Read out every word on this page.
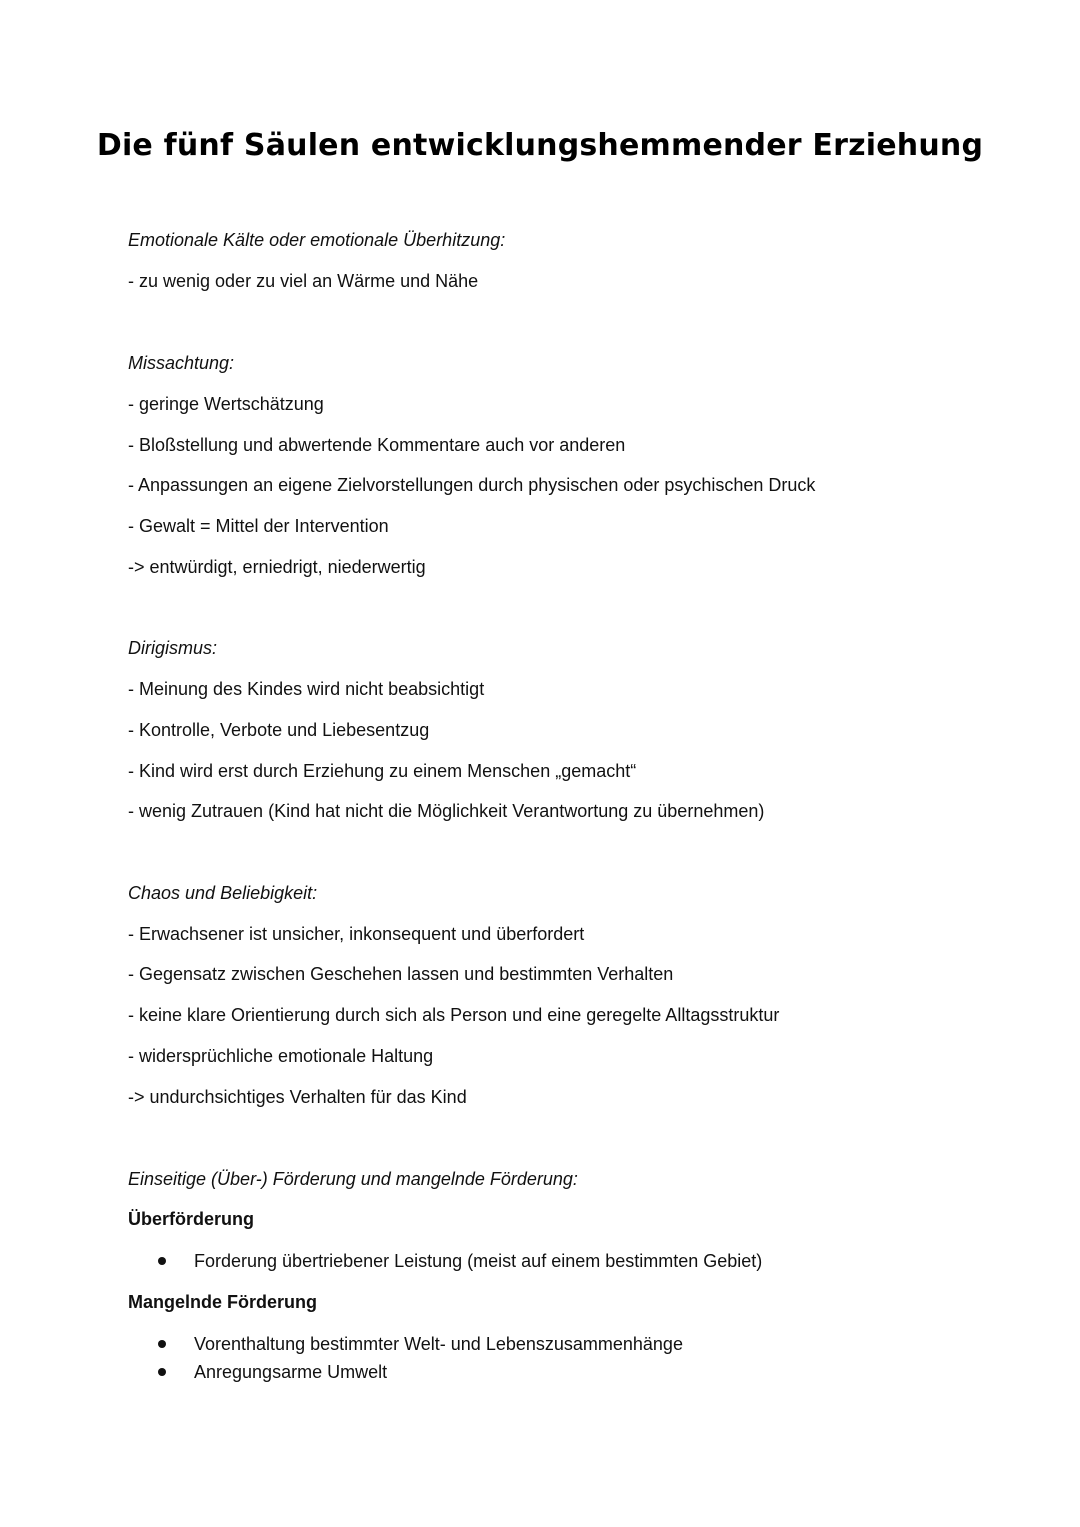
Die fünf Säulen entwicklungshemmender Erziehung

Emotionale Kälte oder emotionale Überhitzung:

- zu wenig oder zu viel an Wärme und Nähe

Missachtung:

- geringe Wertschätzung

- Bloßstellung und abwertende Kommentare auch vor anderen

- Anpassungen an eigene Zielvorstellungen durch physischen oder psychischen Druck

- Gewalt = Mittel der Intervention

-> entwürdigt, erniedrigt, niederwertig

Dirigismus:

- Meinung des Kindes wird nicht beabsichtigt

- Kontrolle, Verbote und Liebesentzug

- Kind wird erst durch Erziehung zu einem Menschen „gemacht“

- wenig Zutrauen (Kind hat nicht die Möglichkeit Verantwortung zu übernehmen)

Chaos und Beliebigkeit:

- Erwachsener ist unsicher, inkonsequent und überfordert

- Gegensatz zwischen Geschehen lassen und bestimmten Verhalten

- keine klare Orientierung durch sich als Person und eine geregelte Alltagsstruktur

- widersprüchliche emotionale Haltung

-> undurchsichtiges Verhalten für das Kind

Einseitige (Über-) Förderung und mangelnde Förderung:

Überförderung

Forderung übertriebener Leistung (meist auf einem bestimmten Gebiet)

Mangelnde Förderung

Vorenthaltung bestimmter Welt- und Lebenszusammenhänge
Anregungsarme Umwelt
